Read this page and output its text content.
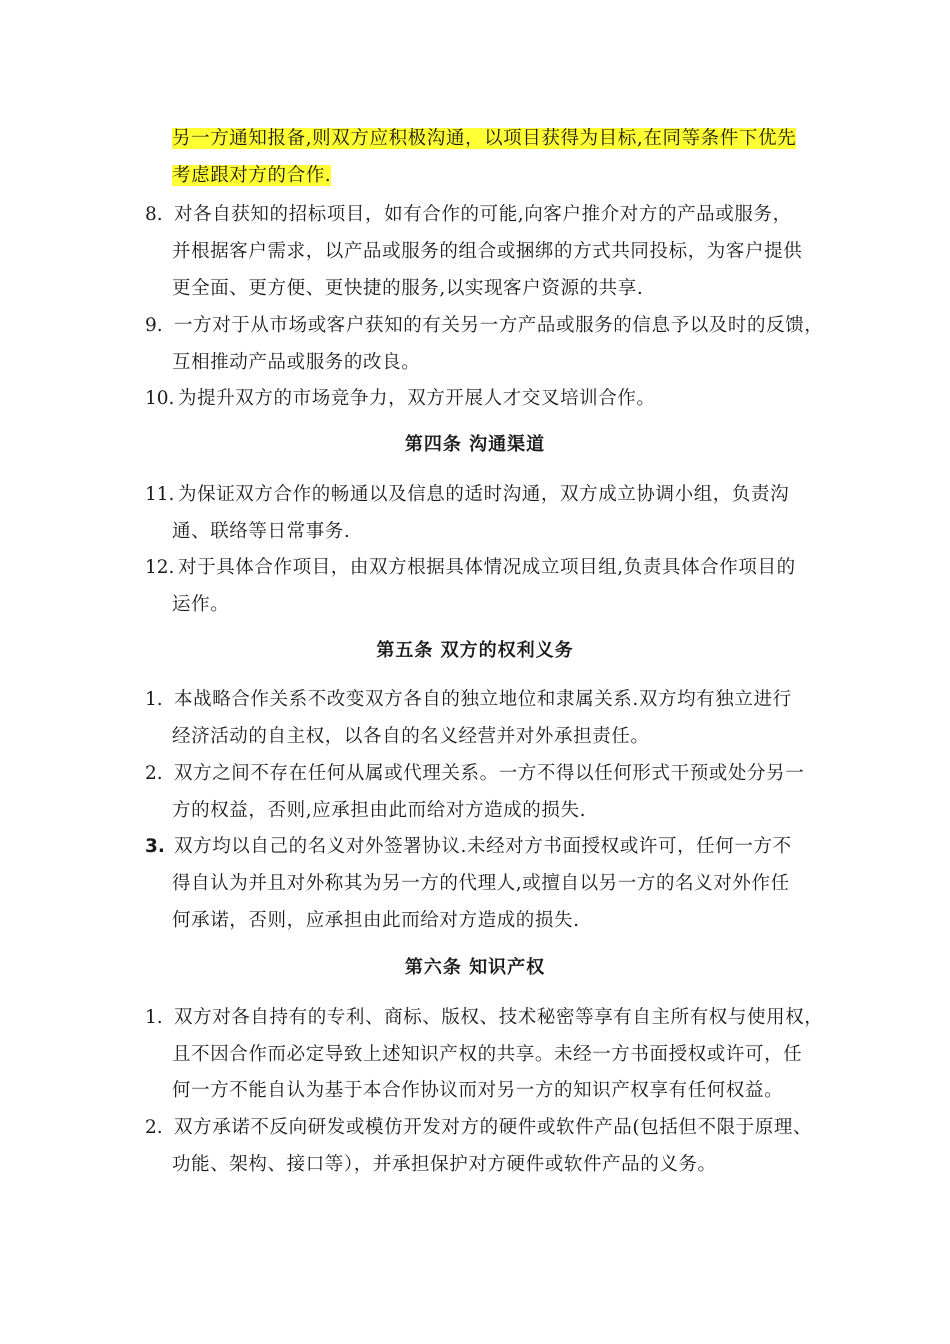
另一方通知报备,则双方应积极沟通，以项目获得为目标,在同等条件下优先
考虑跟对方的合作.
8. 对各自获知的招标项目，如有合作的可能,向客户推介对方的产品或服务，
并根据客户需求，以产品或服务的组合或捆绑的方式共同投标，为客户提供
更全面、更方便、更快捷的服务,以实现客户资源的共享.
9. 一方对于从市场或客户获知的有关另一方产品或服务的信息予以及时的反馈，
互相推动产品或服务的改良。
10. 为提升双方的市场竞争力，双方开展人才交叉培训合作。
第四条 沟通渠道
11. 为保证双方合作的畅通以及信息的适时沟通，双方成立协调小组，负责沟
通、联络等日常事务.
12. 对于具体合作项目，由双方根据具体情况成立项目组,负责具体合作项目的
运作。
第五条 双方的权利义务
1. 本战略合作关系不改变双方各自的独立地位和隶属关系.双方均有独立进行
经济活动的自主权，以各自的名义经营并对外承担责任。
2. 双方之间不存在任何从属或代理关系。一方不得以任何形式干预或处分另一
方的权益，否则,应承担由此而给对方造成的损失.
3. 双方均以自己的名义对外签署协议.未经对方书面授权或许可，任何一方不
得自认为并且对外称其为另一方的代理人,或擅自以另一方的名义对外作任
何承诺，否则，应承担由此而给对方造成的损失.
第六条 知识产权
1. 双方对各自持有的专利、商标、版权、技术秘密等享有自主所有权与使用权，
且不因合作而必定导致上述知识产权的共享。未经一方书面授权或许可，任
何一方不能自认为基于本合作协议而对另一方的知识产权享有任何权益。
2. 双方承诺不反向研发或模仿开发对方的硬件或软件产品(包括但不限于原理、
功能、架构、接口等），并承担保护对方硬件或软件产品的义务。
